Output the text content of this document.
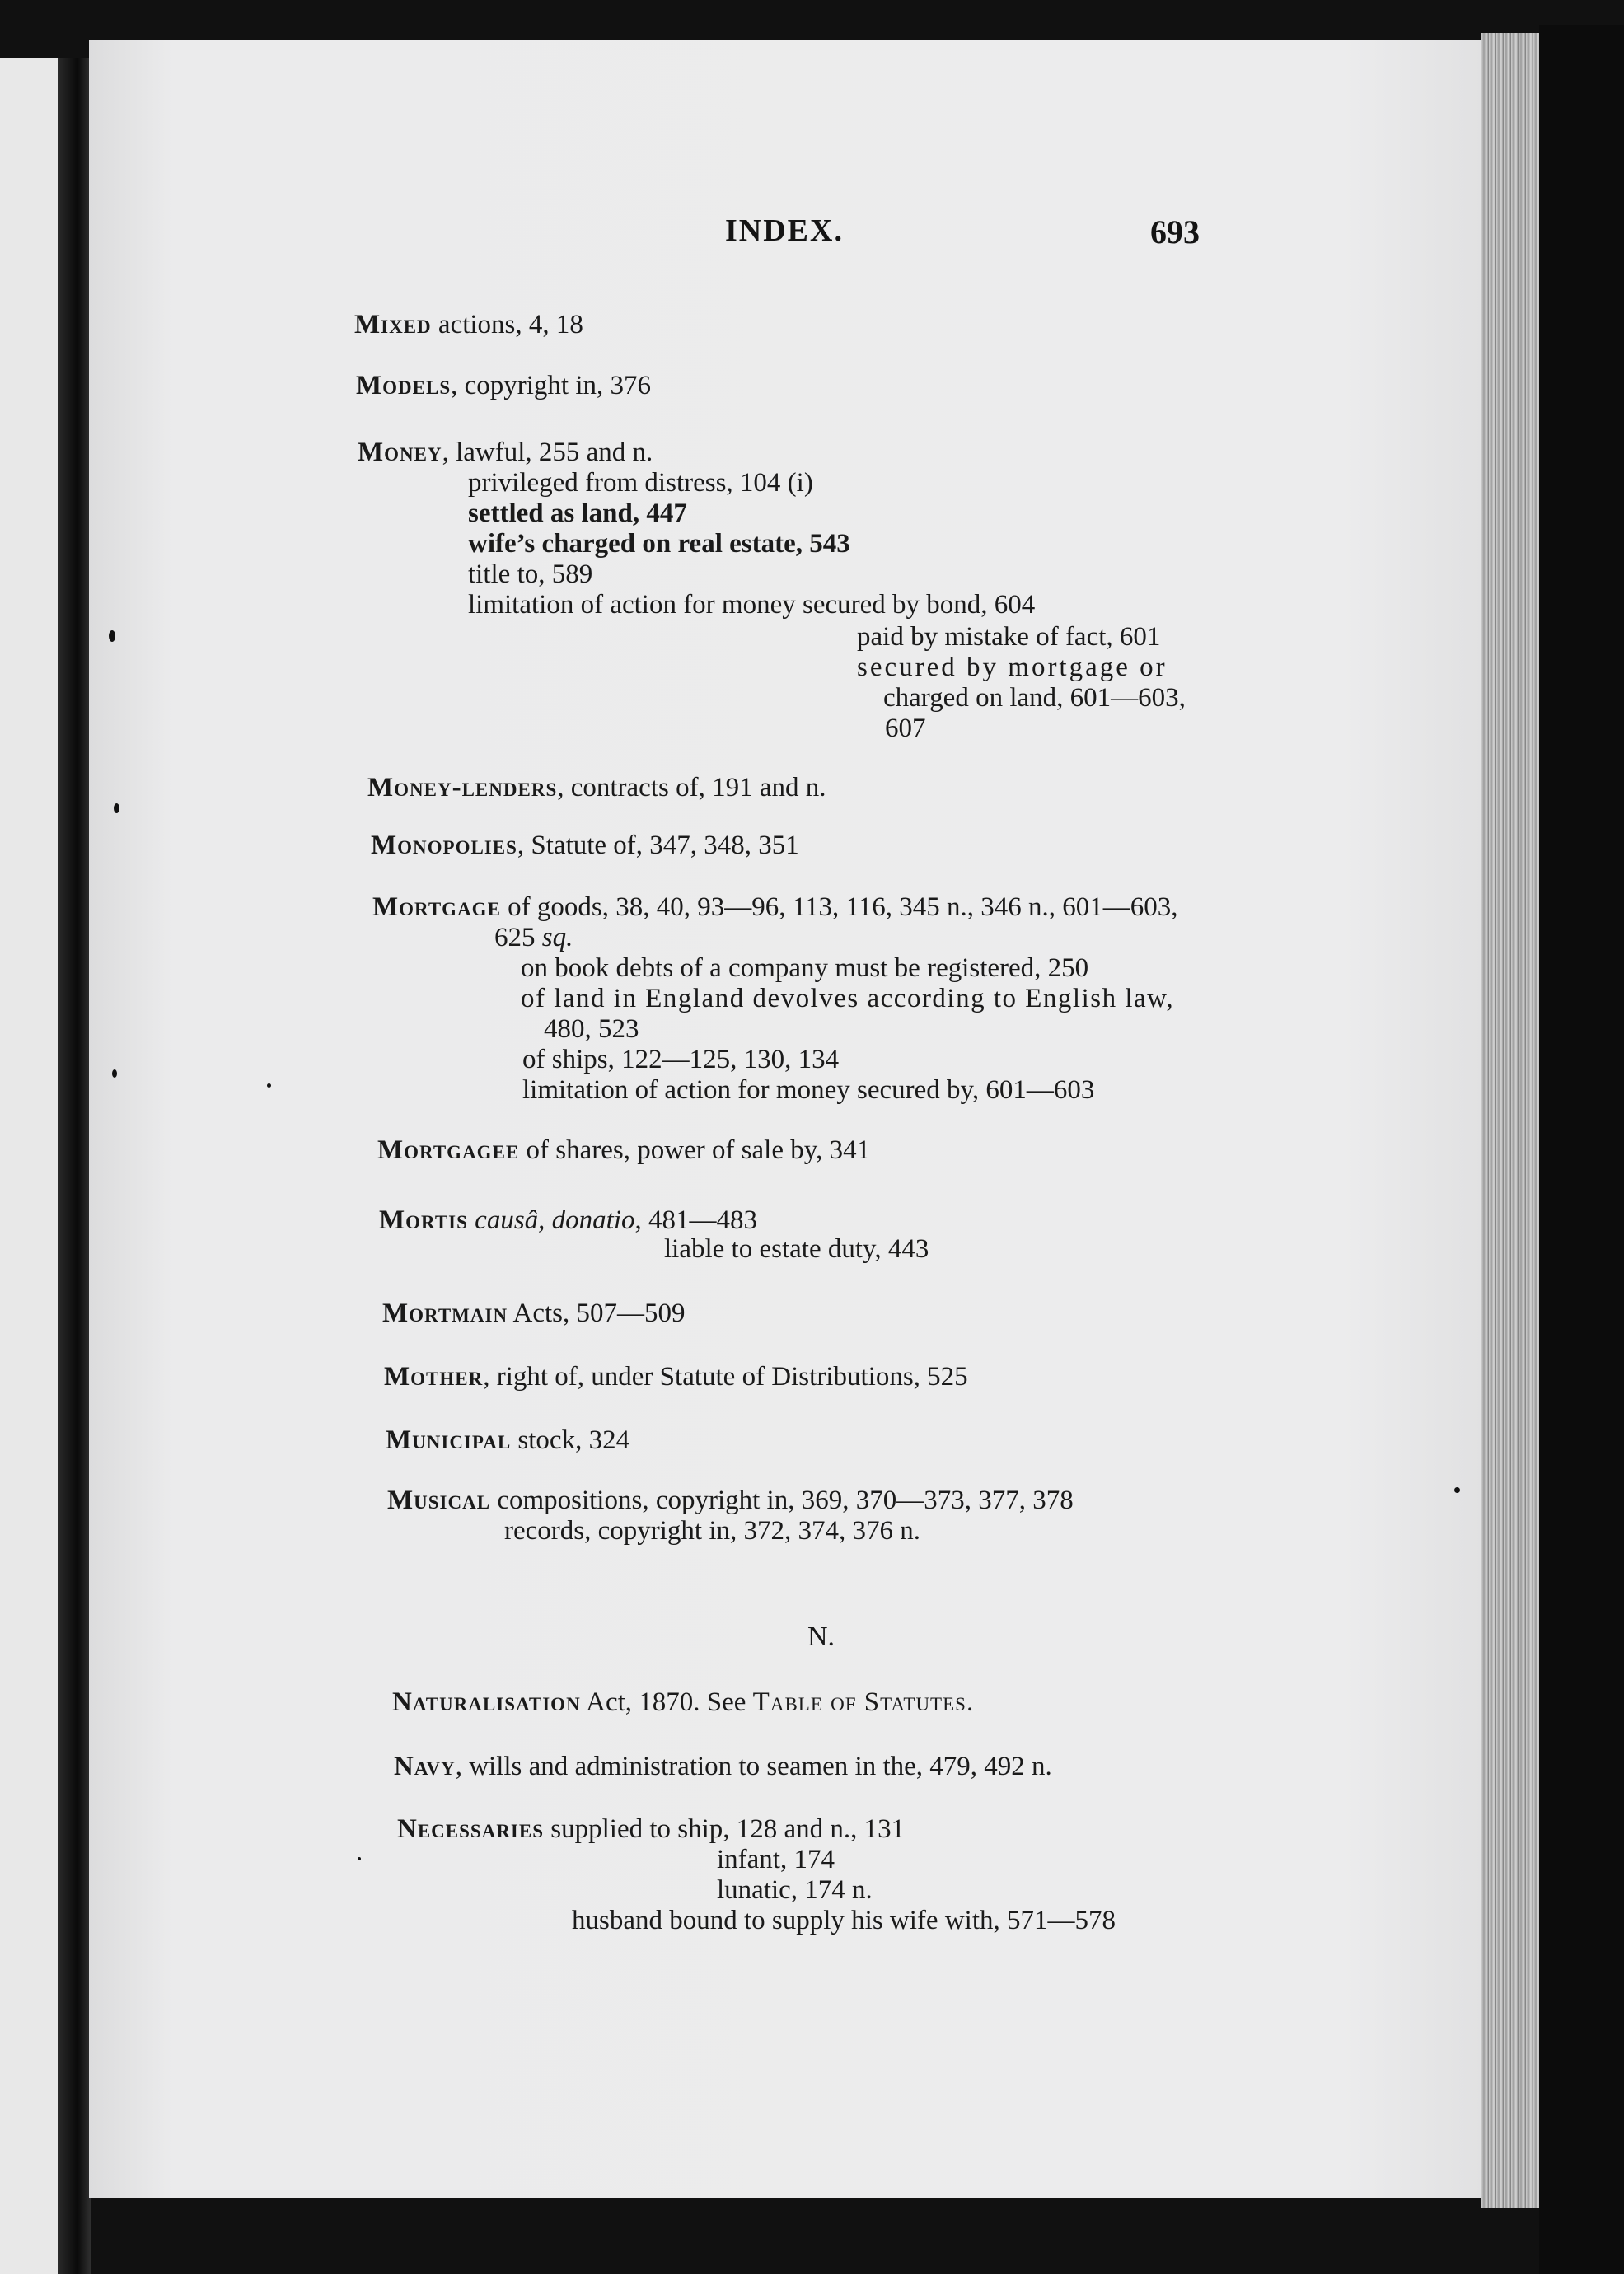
INDEX.	693
Mixed actions, 4, 18
Models, copyright in, 376
Money, lawful, 255 and n.
privileged from distress, 104 (i)
settled as land, 447
wife’s charged on real estate, 543
title to, 589
limitation of action for money secured by bond, 604
paid by mistake of fact, 601
secured by mortgage or
charged on land, 601—603,
607
Money-lenders, contracts of, 191 and n.
Monopolies, Statute of, 347, 348, 351
Mortgage of goods, 38, 40, 93—96, 113, 116, 345 n., 346 n., 601—603,
625 sq.
on book debts of a company must be registered, 250
of land in England devolves according to English law,
480, 523
of ships, 122—125, 130, 134
limitation of action for money secured by, 601—603
Mortgagee of shares, power of sale by, 341
Mortis causâ, donatio, 481—483
liable to estate duty, 443
Mortmain Acts, 507—509
Mother, right of, under Statute of Distributions, 525
Municipal stock, 324
Musical compositions, copyright in, 369, 370—373, 377, 378
records, copyright in, 372, 374, 376 n.
N.
Naturalisation Act, 1870. See Table of Statutes.
Navy, wills and administration to seamen in the, 479, 492 n.
Necessaries supplied to ship, 128 and n., 131
infant, 174
lunatic, 174 n.
husband bound to supply his wife with, 571—578
